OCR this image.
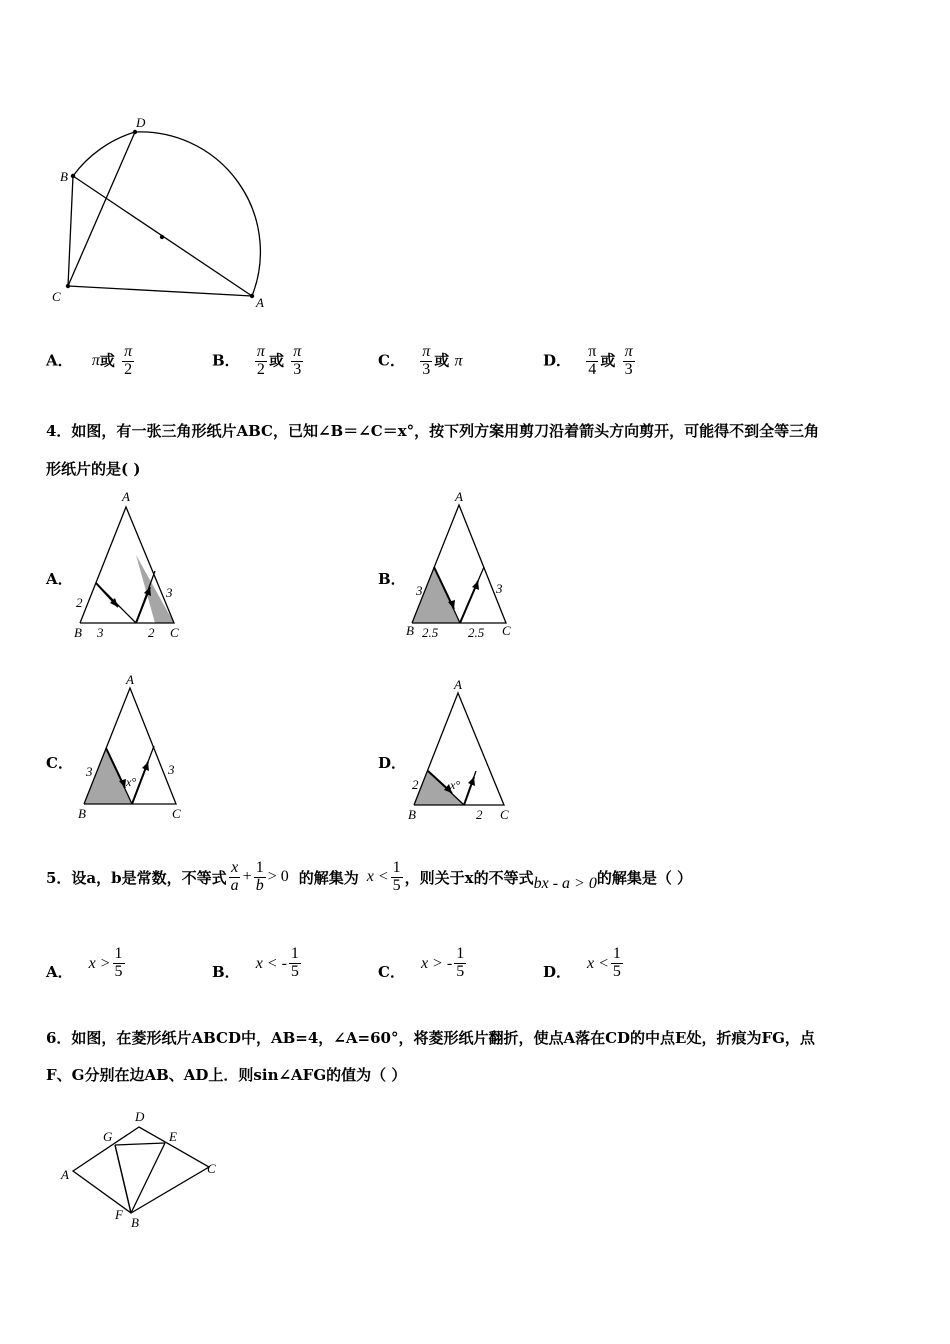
D
B
C	A
A． π或 $\frac{\pi}{2}$	B． $\frac{\pi}{2}$ 或 $\frac{\pi}{3}$	C． $\frac{\pi}{3}$ 或 π	D． $\frac{\pi}{4}$ 或 $\frac{\pi}{3}$
4．如图，有一张三角形纸片ABC，已知∠B＝∠C＝x°，按下列方案用剪刀沿着箭头方向剪开，可能得不到全等三角
形纸片的是( )
A．
A
B	C
2
3	2
3
B．
A
B	C
3
2.5 2.5
3
C．
A
B	C
3
x°
3	D．
A
B	C
2	x°
2
5．设a，b是常数，不等式 $\frac{x}{a} + \frac{1}{b} > 0$ 的解集为 $x < \frac{1}{5}$ ，则关于x的不等式 bx - a > 0 的解集是（ ）
A． $x > \frac{1}{5}$	B． x < - $\frac{1}{5}$	C． x > - $\frac{1}{5}$	D． $x < \frac{1}{5}$
6．如图，在菱形纸片ABCD中，AB=4，∠A=60°，将菱形纸片翻折，使点A落在CD的中点E处，折痕为FG，点
F、G分别在边AB、AD上．则sin∠AFG的值为（ ）
D
G	E
A	C
F
B
